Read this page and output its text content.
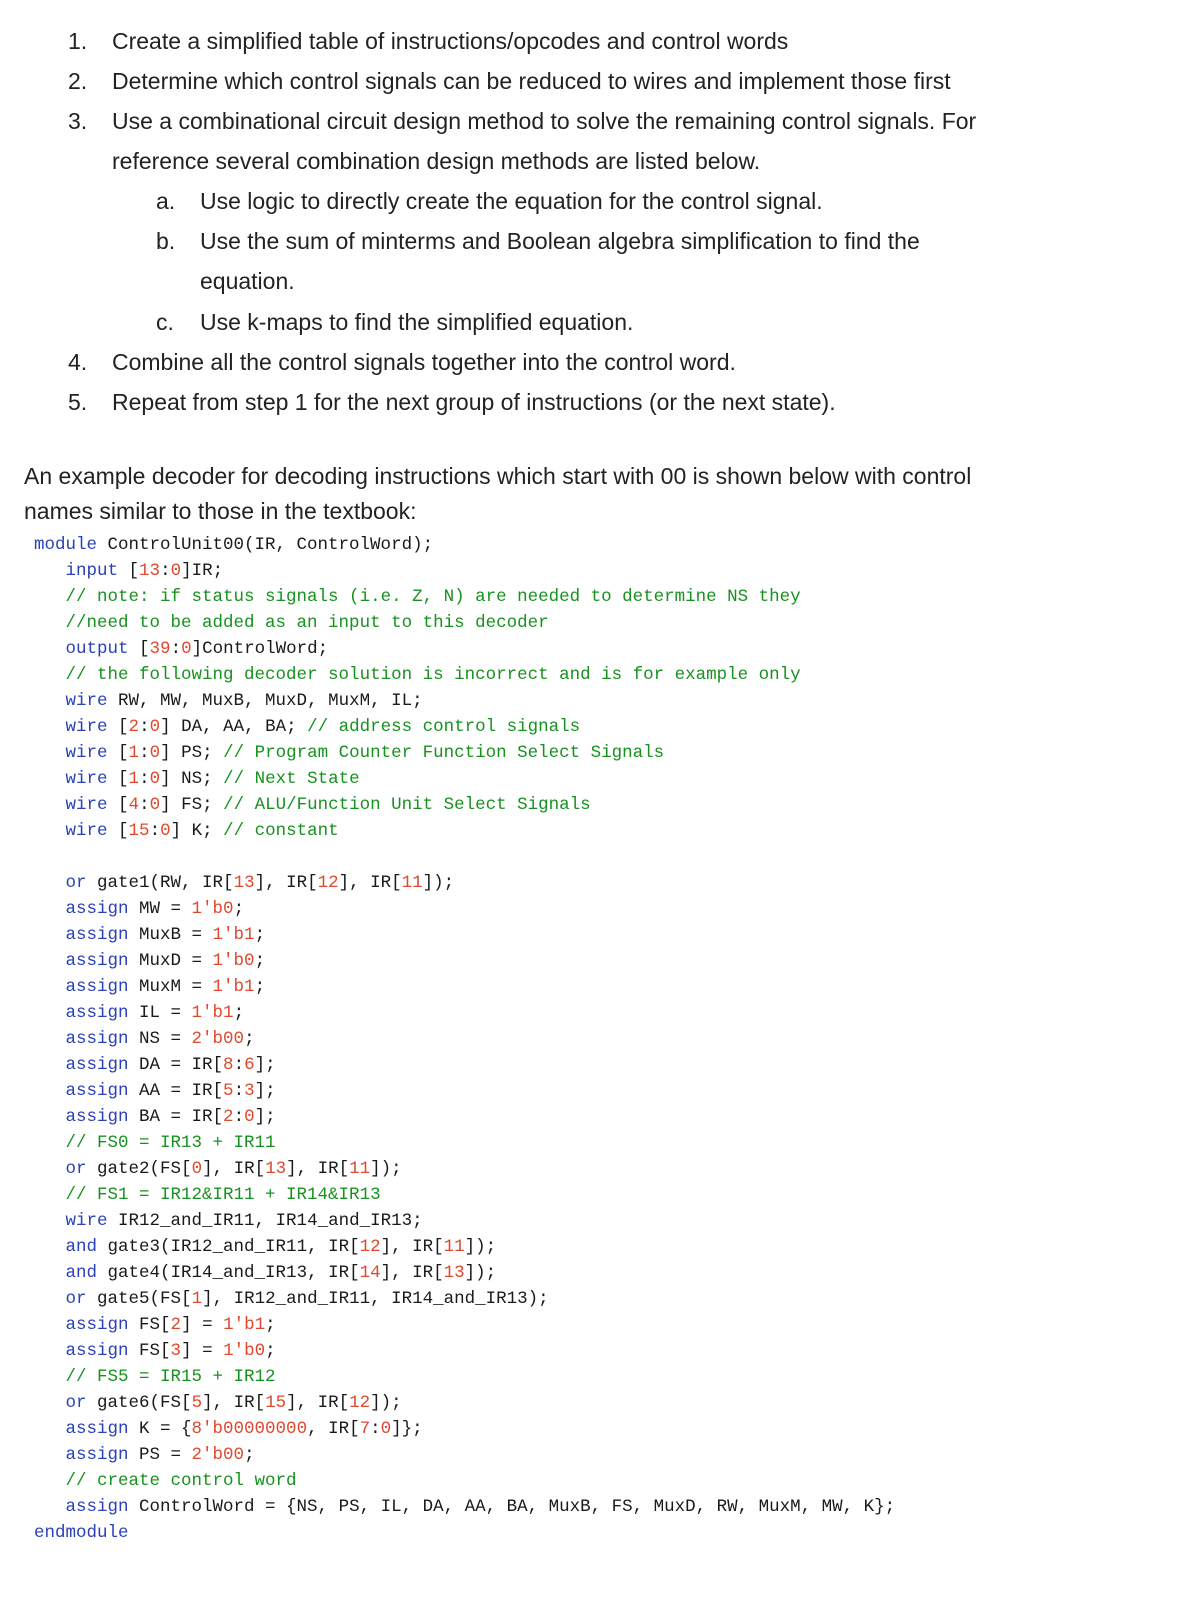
1. Create a simplified table of instructions/opcodes and control words
2. Determine which control signals can be reduced to wires and implement those first
3. Use a combinational circuit design method to solve the remaining control signals. For
reference several combination design methods are listed below.
a. Use logic to directly create the equation for the control signal.
b. Use the sum of minterms and Boolean algebra simplification to find the
equation.
c. Use k-maps to find the simplified equation.
4. Combine all the control signals together into the control word.
5. Repeat from step 1 for the next group of instructions (or the next state).
An example decoder for decoding instructions which start with 00 is shown below with control
names similar to those in the textbook:
module ControlUnit00(IR, ControlWord);
input [13:0]IR;
// note: if status signals (i.e. Z, N) are needed to determine NS they
//need to be added as an input to this decoder
output [39:0]ControlWord;
// the following decoder solution is incorrect and is for example only
wire RW, MW, MuxB, MuxD, MuxM, IL;
wire [2:0] DA, AA, BA; // address control signals
wire [1:0] PS; // Program Counter Function Select Signals
wire [1:0] NS; // Next State
wire [4:0] FS; // ALU/Function Unit Select Signals
wire [15:0] K; // constant
or gate1(RW, IR[13], IR[12], IR[11]);
assign MW = 1'b0;
assign MuxB = 1'b1;
assign MuxD = 1'b0;
assign MuxM = 1'b1;
assign IL = 1'b1;
assign NS = 2'b00;
assign DA = IR[8:6];
assign AA = IR[5:3];
assign BA = IR[2:0];
// FS0 = IR13 + IR11
or gate2(FS[0], IR[13], IR[11]);
// FS1 = IR12&IR11 + IR14&IR13
wire IR12_and_IR11, IR14_and_IR13;
and gate3(IR12_and_IR11, IR[12], IR[11]);
and gate4(IR14_and_IR13, IR[14], IR[13]);
or gate5(FS[1], IR12_and_IR11, IR14_and_IR13);
assign FS[2] = 1'b1;
assign FS[3] = 1'b0;
// FS5 = IR15 + IR12
or gate6(FS[5], IR[15], IR[12]);
assign K = {8'b00000000, IR[7:0]};
assign PS = 2'b00;
// create control word
assign ControlWord = {NS, PS, IL, DA, AA, BA, MuxB, FS, MuxD, RW, MuxM, MW, K};
endmodule
